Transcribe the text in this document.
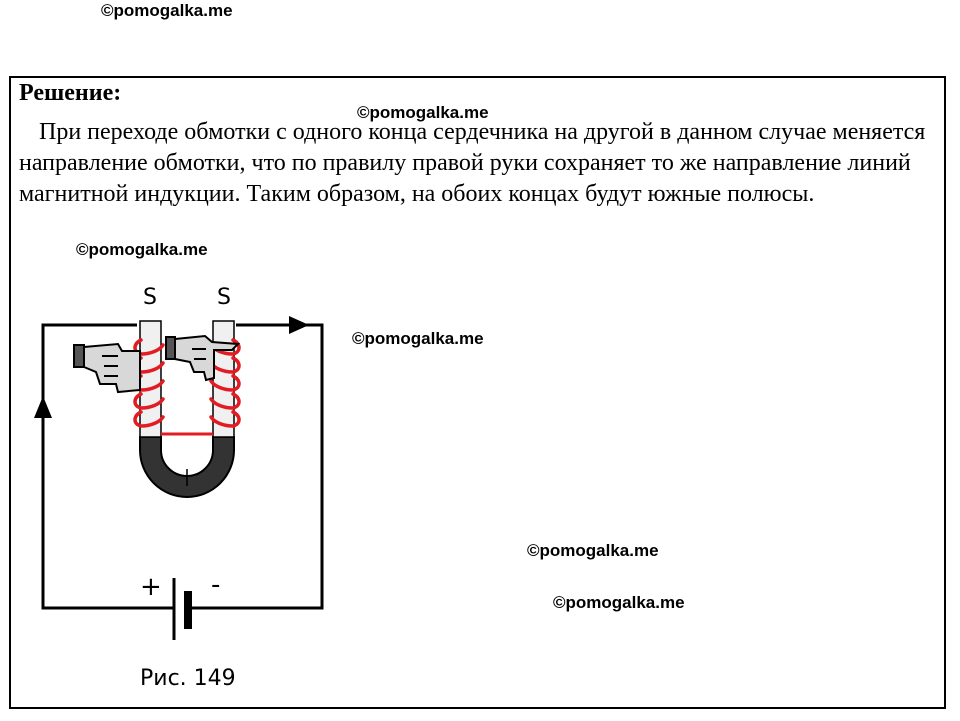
©pomogalka.me
Решение:
©pomogalka.me
При переходе обмотки с одного конца сердечника на другой в данном случае меняется направление обмотки, что по правилу правой руки сохраняет то же направление линий магнитной индукции. Таким образом, на обоих концах будут южные полюсы.
©pomogalka.me
©pomogalka.me
©pomogalka.me
©pomogalka.me
S	S
+ -
Рис. 149
